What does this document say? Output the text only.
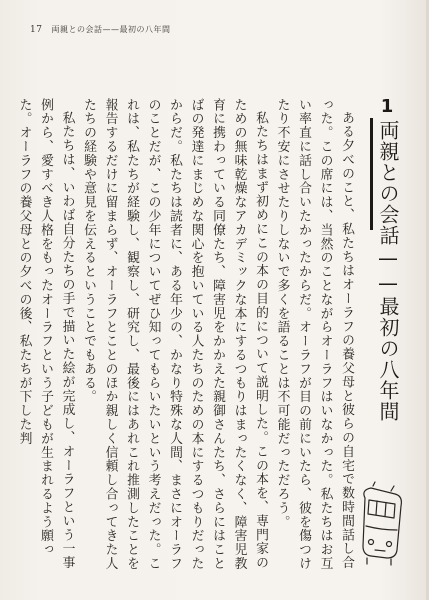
17 両親との会話——最初の八年間
1
両親との会話——最初の八年間

ある夕べのこと、私たちはオーラフの養父母と彼らの自宅で数時間話し合った。この席には、当然のことながらオーラフはいなかった。私たちはお互い率直に話し合いたかったからだ。オーラフが目の前にいたら、彼を傷つけたり不安にさせたりしないで多くを語ることは不可能だっただろう。

私たちはまず初めにこの本の目的について説明した。この本を、専門家のための無味乾燥なアカデミックな本にするつもりはまったくなく、障害児教育に携わっている同僚たち、障害児をかかえた親御さんたち、さらにはことばの発達にまじめな関心を抱いている人たちのための本にするつもりだったからだ。私たちは読者に、ある年少の、かなり特殊な人間、まさにオーラフのことだが、この少年についてぜひ知ってもらいたいという考えだった。これは、私たちが経験し、観察し、研究し、最後にはあれこれ推測したことを報告するだけに留まらず、オーラフとことのほか親しく信頼し合ってきた人たちの経験や意見を伝えるということでもある。

私たちは、いわば自分たちの手で描いた絵が完成し、オーラフという一事例から、愛すべき人格をもったオーラフという子どもが生まれるよう願った。オーラフの養父母との夕べの後、私たちが下した判
